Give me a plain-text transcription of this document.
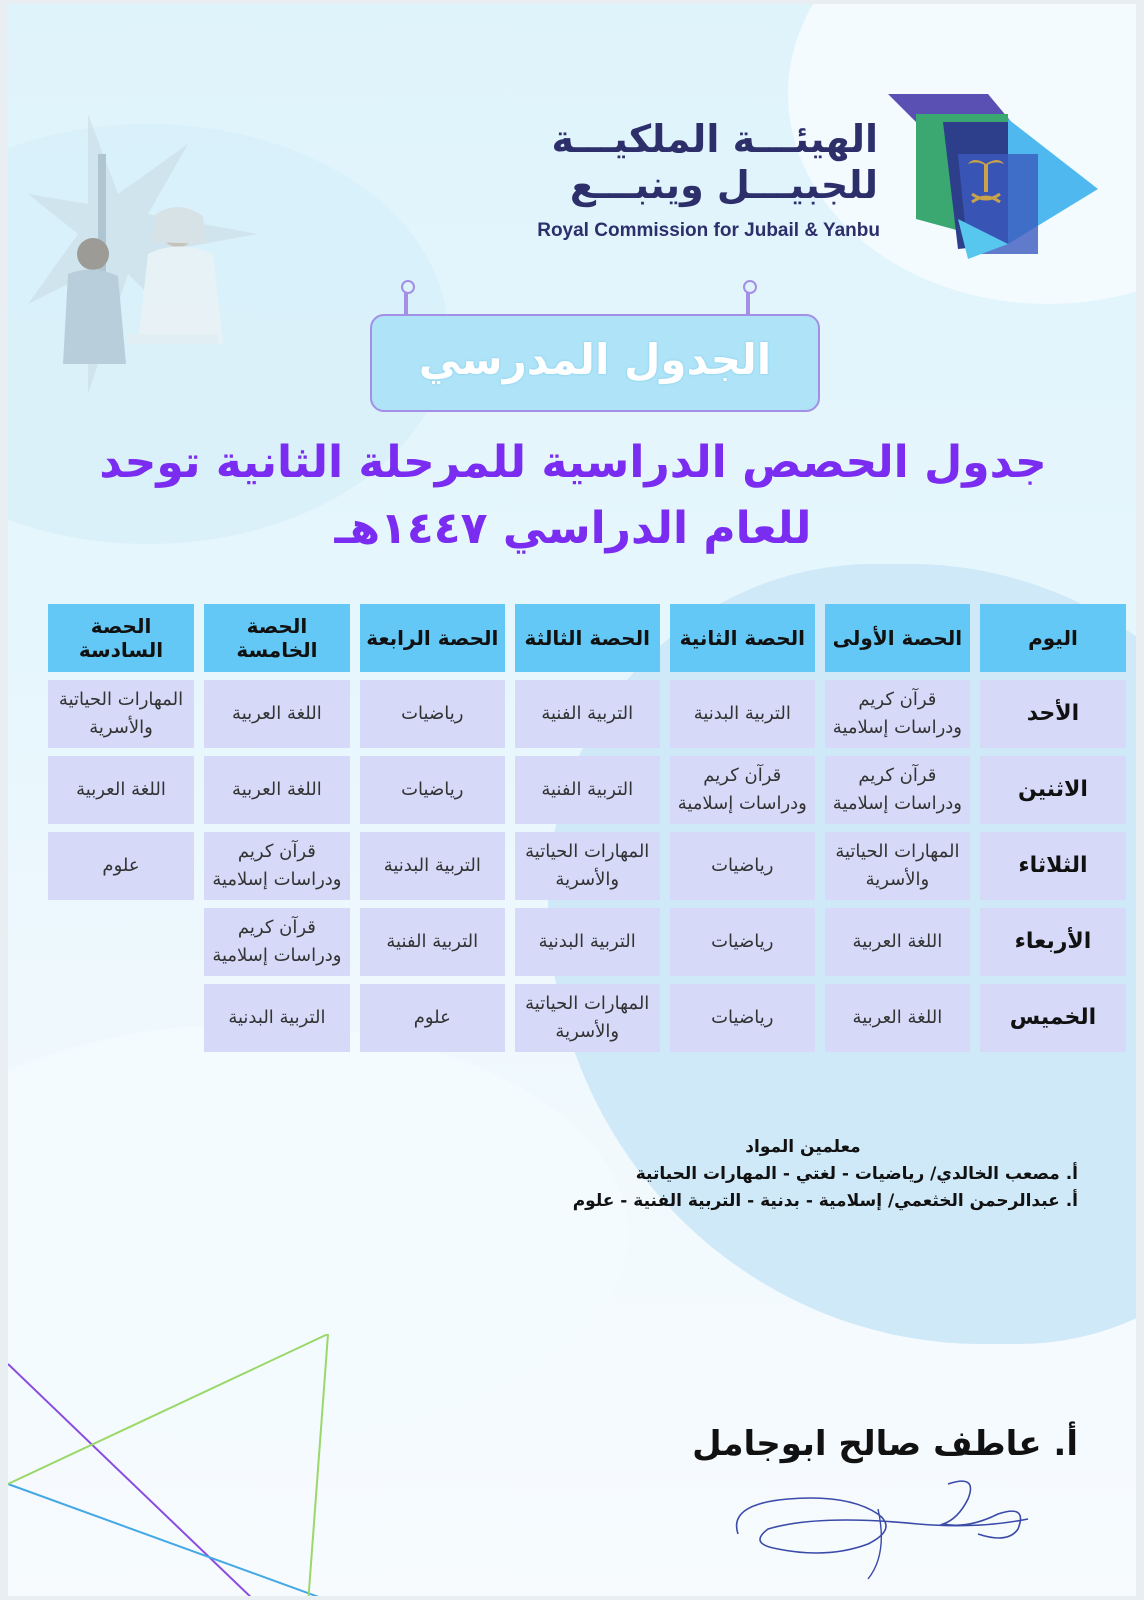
الهيئـــة الملكيـــة
للجبيـــل وينبـــع
Royal Commission for Jubail & Yanbu
الجدول المدرسي
جدول الحصص الدراسية للمرحلة الثانية توحد
للعام الدراسي ١٤٤٧هـ
اليوم	الحصة الأولى	الحصة الثانية	الحصة الثالثة	الحصة الرابعة	الحصة الخامسة	الحصة السادسة
الأحد	قرآن كريم ودراسات إسلامية	التربية البدنية	التربية الفنية	رياضيات	اللغة العربية	المهارات الحياتية والأسرية
الاثنين	قرآن كريم ودراسات إسلامية	قرآن كريم ودراسات إسلامية	التربية الفنية	رياضيات	اللغة العربية	اللغة العربية
الثلاثاء	المهارات الحياتية والأسرية	رياضيات	المهارات الحياتية والأسرية	التربية البدنية	قرآن كريم ودراسات إسلامية	علوم
الأربعاء	اللغة العربية	رياضيات	التربية البدنية	التربية الفنية	قرآن كريم ودراسات إسلامية	
الخميس	اللغة العربية	رياضيات	المهارات الحياتية والأسرية	علوم	التربية البدنية	
معلمين المواد
أ. مصعب الخالدي/ رياضيات - لغتي - المهارات الحياتية
أ. عبدالرحمن الخثعمي/ إسلامية - بدنية - التربية الفنية - علوم
أ. عاطف صالح ابوجامل
